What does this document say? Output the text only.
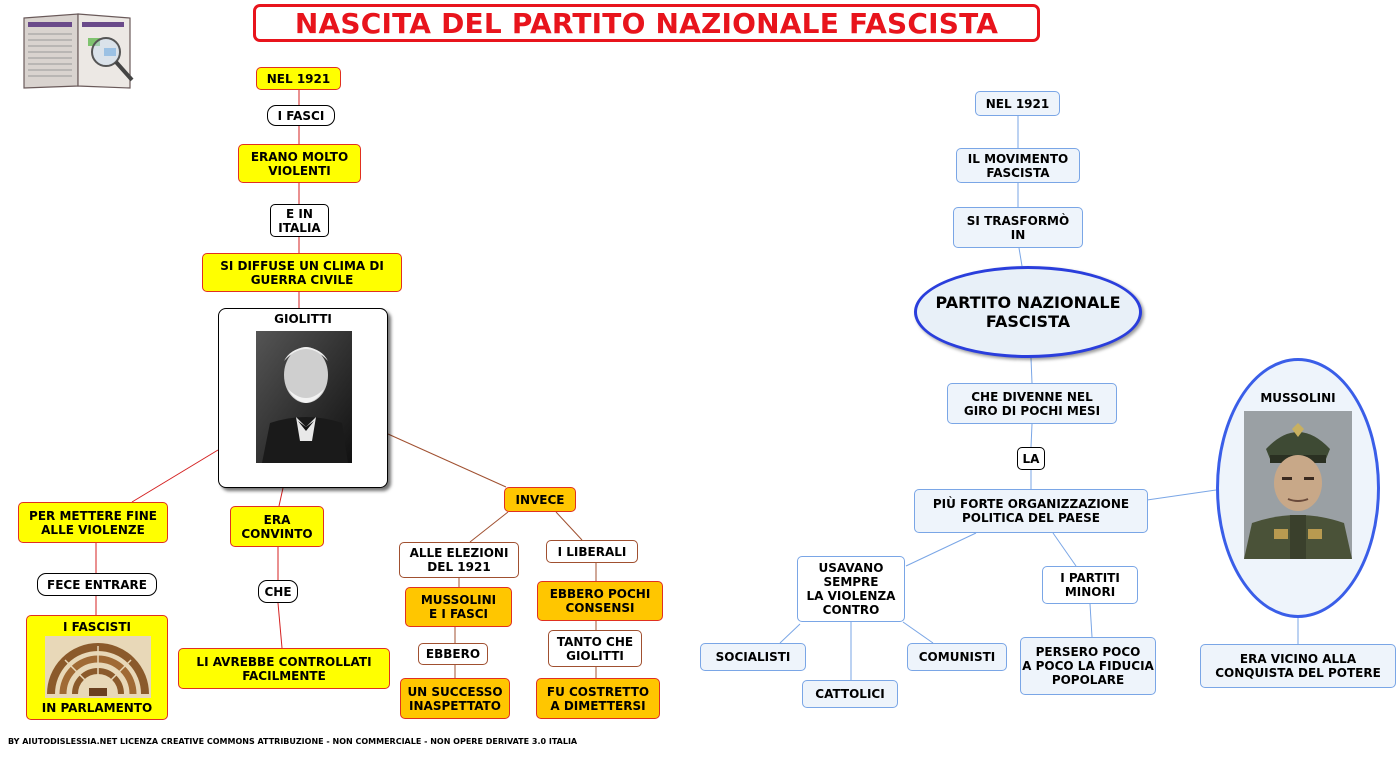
NASCITA DEL PARTITO NAZIONALE FASCISTA
NEL 1921
I FASCI
ERANO MOLTO
VIOLENTI
E IN
ITALIA
SI DIFFUSE UN CLIMA DI
GUERRA CIVILE
GIOLITTI
PER METTERE FINE
ALLE VIOLENZE
FECE ENTRARE

I FASCISTI

IN PARLAMENTO

ERA
CONVINTO
CHE
LI AVREBBE CONTROLLATI
FACILMENTE
INVECE
ALLE ELEZIONI
DEL 1921
MUSSOLINI
E I FASCI
EBBERO
UN SUCCESSO
INASPETTATO
I LIBERALI
EBBERO POCHI
CONSENSI
TANTO CHE
GIOLITTI
FU COSTRETTO
A DIMETTERSI
NEL 1921
IL MOVIMENTO
FASCISTA
SI TRASFORMÒ
IN
PARTITO NAZIONALE
FASCISTA
CHE DIVENNE NEL
GIRO DI POCHI MESI
LA
PIÙ FORTE ORGANIZZAZIONE
POLITICA DEL PAESE
USAVANO
SEMPRE
LA VIOLENZA
CONTRO
SOCIALISTI
CATTOLICI
COMUNISTI
I PARTITI
MINORI
PERSERO POCO
A POCO LA FIDUCIA
POPOLARE

MUSSOLINI

ERA VICINO ALLA
CONQUISTA DEL POTERE
BY AIUTODISLESSIA.NET LICENZA CREATIVE COMMONS ATTRIBUZIONE - NON COMMERCIALE - NON OPERE DERIVATE 3.0 ITALIA
